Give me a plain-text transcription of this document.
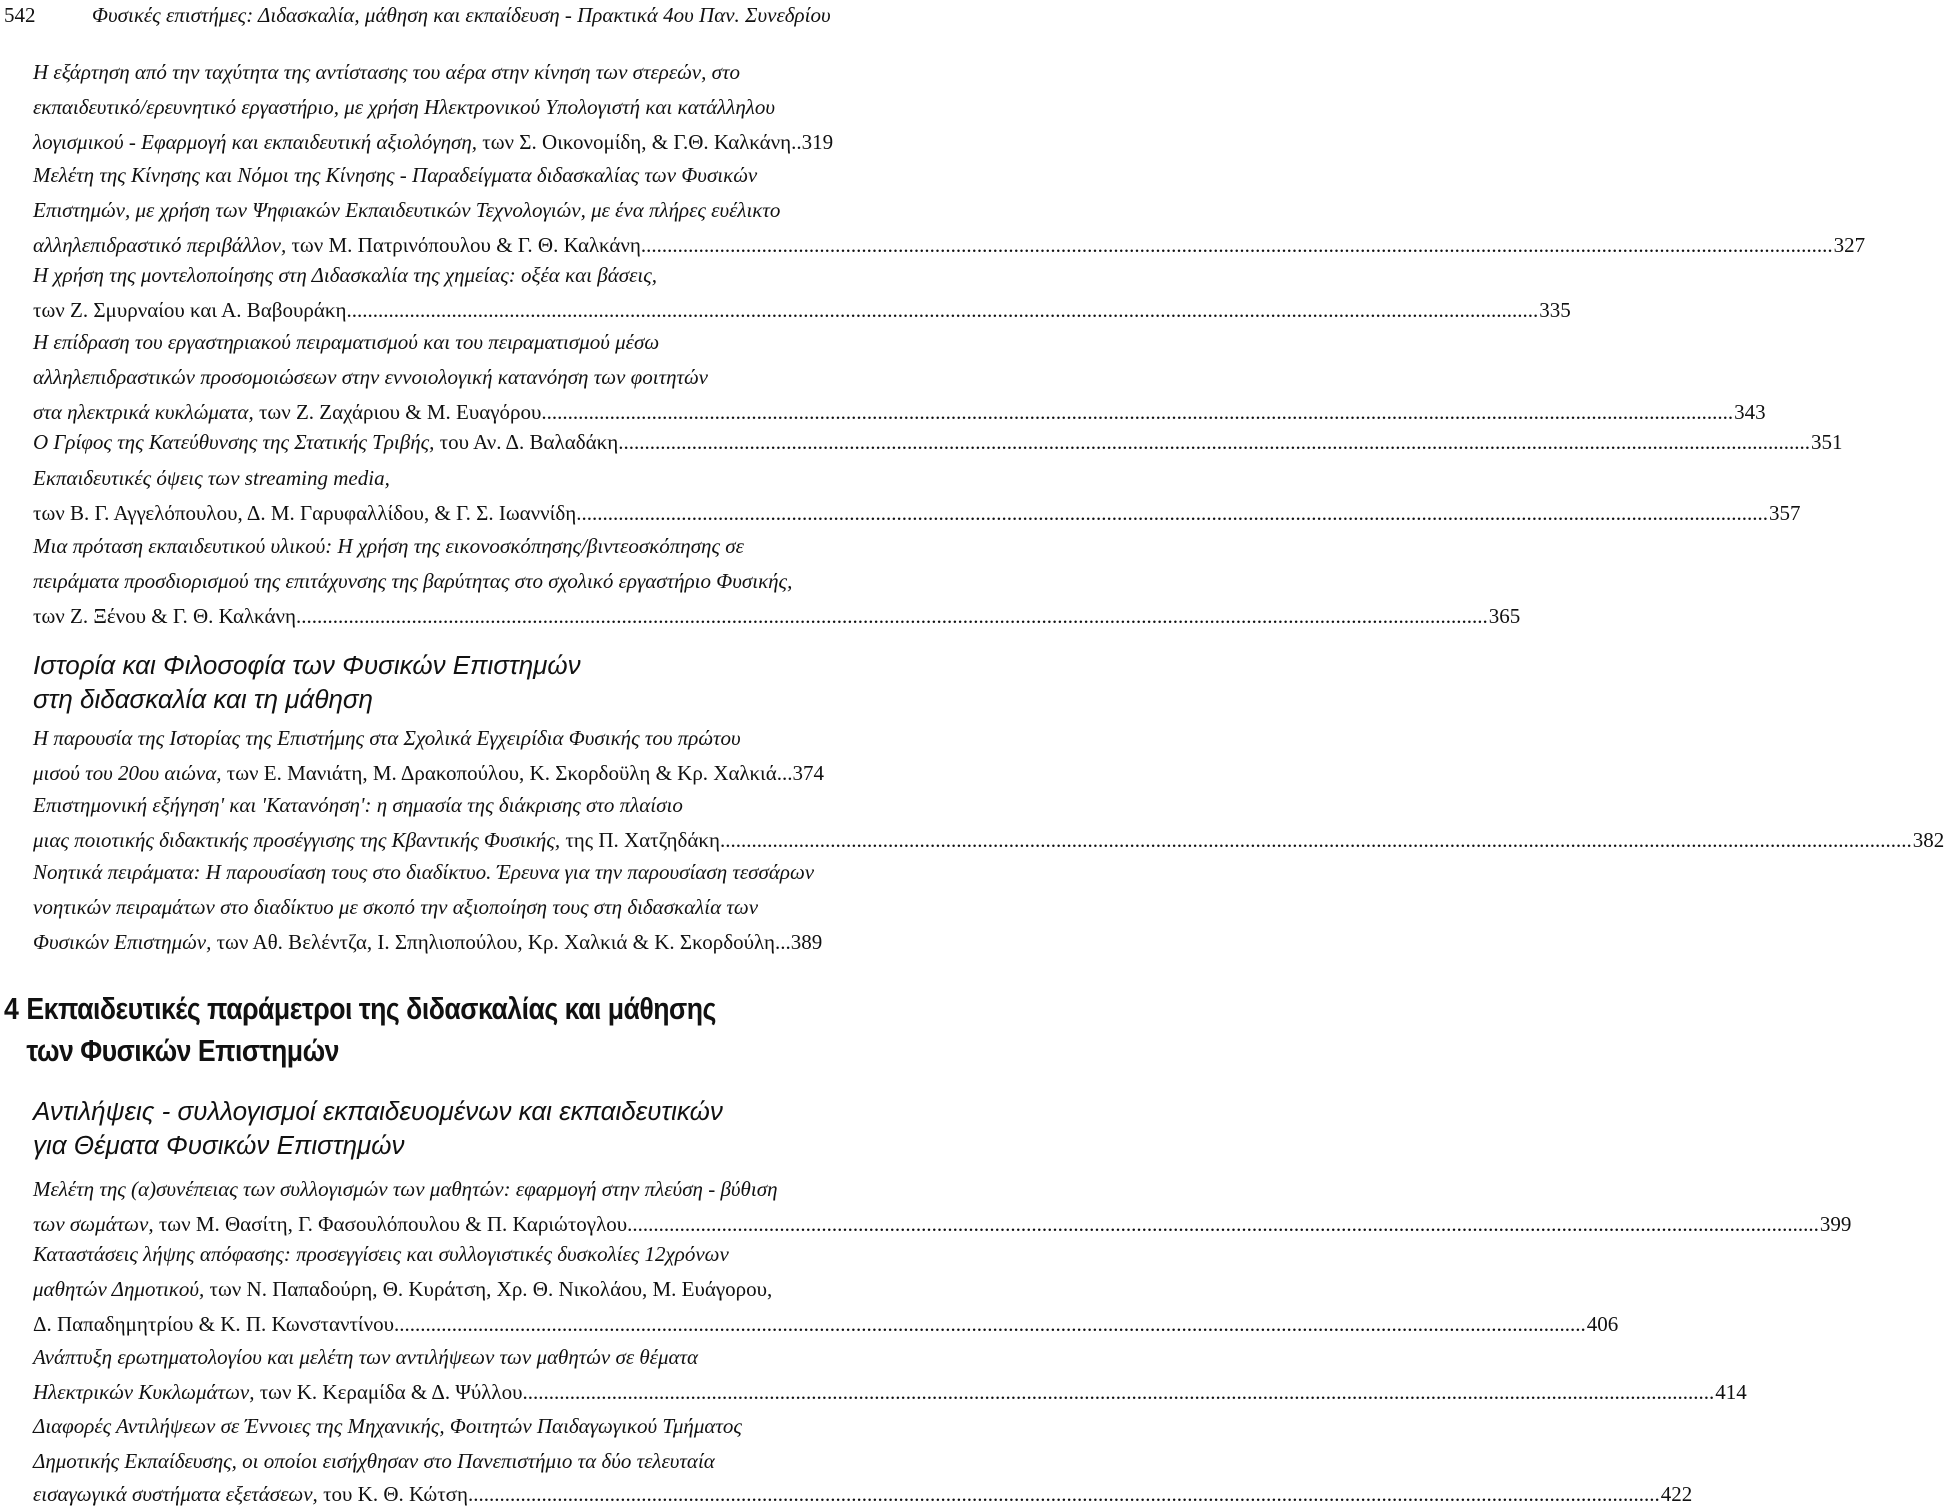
542	Φυσικές επιστήμες: Διδασκαλία, μάθηση και εκπαίδευση - Πρακτικά 4ου Παν. Συνεδρίου
Η εξάρτηση από την ταχύτητα της αντίστασης του αέρα στην κίνηση των στερεών, στο
εκπαιδευτικό/ερευνητικό εργαστήριο, με χρήση Ηλεκτρονικού Υπολογιστή και κατάλληλου
λογισμικού - Εφαρμογή και εκπαιδευτική αξιολόγηση, των Σ. Οικονομίδη, & Γ.Θ. Καλκάνη ..319
Μελέτη της Κίνησης και Νόμοι της Κίνησης - Παραδείγματα διδασκαλίας των Φυσικών
Επιστημών, με χρήση των Ψηφιακών Εκπαιδευτικών Τεχνολογιών, με ένα πλήρες ευέλικτο
αλληλεπιδραστικό περιβάλλον, των Μ. Πατρινόπουλου & Γ. Θ. Καλκάνη .....	327
Η χρήση της μοντελοποίησης στη Διδασκαλία της χημείας: οξέα και βάσεις,
των Ζ. Σμυρναίου και Α. Βαβουράκη .....	335
Η επίδραση του εργαστηριακού πειραματισμού και του πειραματισμού μέσω
αλληλεπιδραστικών προσομοιώσεων στην εννοιολογική κατανόηση των φοιτητών
στα ηλεκτρικά κυκλώματα, των Ζ. Ζαχάριου & Μ. Ευαγόρου .....	343
Ο Γρίφος της Κατεύθυνσης της Στατικής Τριβής, του Αν. Δ. Βαλαδάκη .....	351
Εκπαιδευτικές όψεις των streaming media,
των Β. Γ. Αγγελόπουλου, Δ. Μ. Γαρυφαλλίδου, & Γ. Σ. Ιωαννίδη .....	357
Μια πρόταση εκπαιδευτικού υλικού: Η χρήση της εικονοσκόπησης/βιντεοσκόπησης σε
πειράματα προσδιορισμού της επιτάχυνσης της βαρύτητας στο σχολικό εργαστήριο Φυσικής,
των Ζ. Ξένου & Γ. Θ. Καλκάνη .....	365
Ιστορία και Φιλοσοφία των Φυσικών Επιστημών
στη διδασκαλία και τη μάθηση
Η παρουσία της Ιστορίας της Επιστήμης στα Σχολικά Εγχειρίδια Φυσικής του πρώτου
μισού του 20ου αιώνα, των Ε. Μανιάτη, Μ. Δρακοπούλου, Κ. Σκορδοϋλη & Κρ. Χαλκιά ...374
Επιστημονική εξήγηση' και 'Κατανόηση': η σημασία της διάκρισης στο πλαίσιο
μιας ποιοτικής διδακτικής προσέγγισης της Κβαντικής Φυσικής, της Π. Χατζηδάκη .....	382
Νοητικά πειράματα: Η παρουσίαση τους στο διαδίκτυο. Έρευνα για την παρουσίαση τεσσάρων
νοητικών πειραμάτων στο διαδίκτυο με σκοπό την αξιοποίηση τους στη διδασκαλία των
Φυσικών Επιστημών, των Αθ. Βελέντζα, Ι. Σπηλιοπούλου, Κρ. Χαλκιά & Κ. Σκορδούλη ...389
4 Εκπαιδευτικές παράμετροι της διδασκαλίας και μάθησης
των Φυσικών Επιστημών
Αντιλήψεις - συλλογισμοί εκπαιδευομένων και εκπαιδευτικών
για Θέματα Φυσικών Επιστημών
Μελέτη της (α)συνέπειας των συλλογισμών των μαθητών: εφαρμογή στην πλεύση - βύθιση
των σωμάτων, των Μ. Θασίτη, Γ. Φασουλόπουλου & Π. Καριώτογλου .....	399
Καταστάσεις λήψης απόφασης: προσεγγίσεις και συλλογιστικές δυσκολίες 12χρόνων
μαθητών Δημοτικού, των Ν. Παπαδούρη, Θ. Κυράτση, Χρ. Θ. Νικολάου, Μ. Ευάγορου,
Δ. Παπαδημητρίου & Κ. Π. Κωνσταντίνου .....	406
Ανάπτυξη ερωτηματολογίου και μελέτη των αντιλήψεων των μαθητών σε θέματα
Ηλεκτρικών Κυκλωμάτων, των Κ. Κεραμίδα & Δ. Ψύλλου .....	414
Διαφορές Αντιλήψεων σε Έννοιες της Μηχανικής, Φοιτητών Παιδαγωγικού Τμήματος
Δημοτικής Εκπαίδευσης, οι οποίοι εισήχθησαν στο Πανεπιστήμιο τα δύο τελευταία
εισαγωγικά συστήματα εξετάσεων, του Κ. Θ. Κώτση .....	422
